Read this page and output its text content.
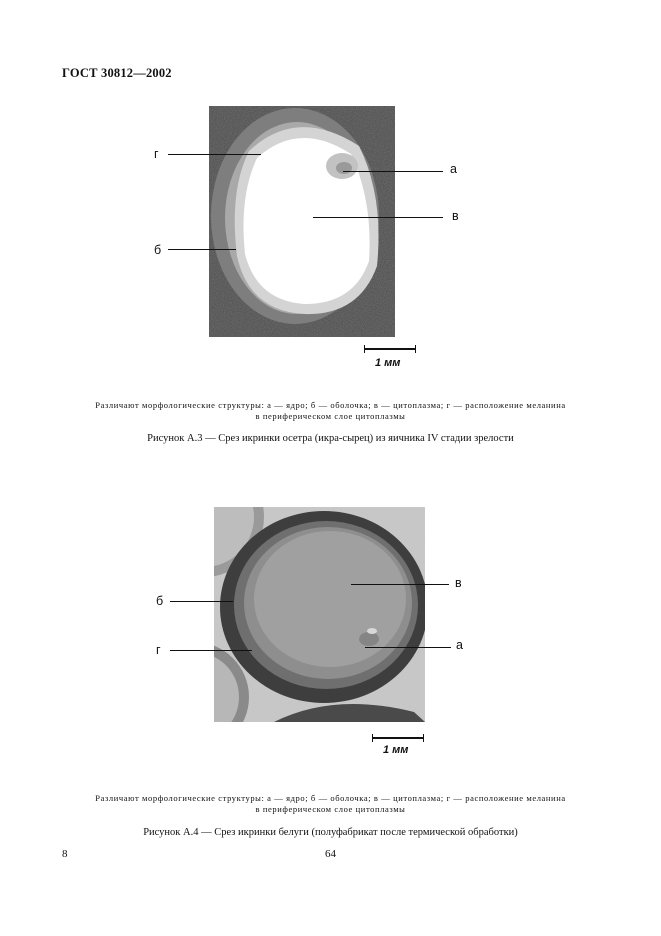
ГОСТ 30812—2002
г
а
в
б
1 мм
Различают морфологические структуры: а — ядро; б — оболочка; в — цитоплазма; г — расположение меланина
в периферическом слое цитоплазмы
Рисунок А.3 — Срез икринки осетра (икра-сырец) из яичника IV стадии зрелости
б
в
а
г
1 мм
Различают морфологические структуры: а — ядро; б — оболочка; в — цитоплазма; г — расположение меланина
в периферическом слое цитоплазмы
Рисунок А.4 — Срез икринки белуги (полуфабрикат после термической обработки)
8	64
